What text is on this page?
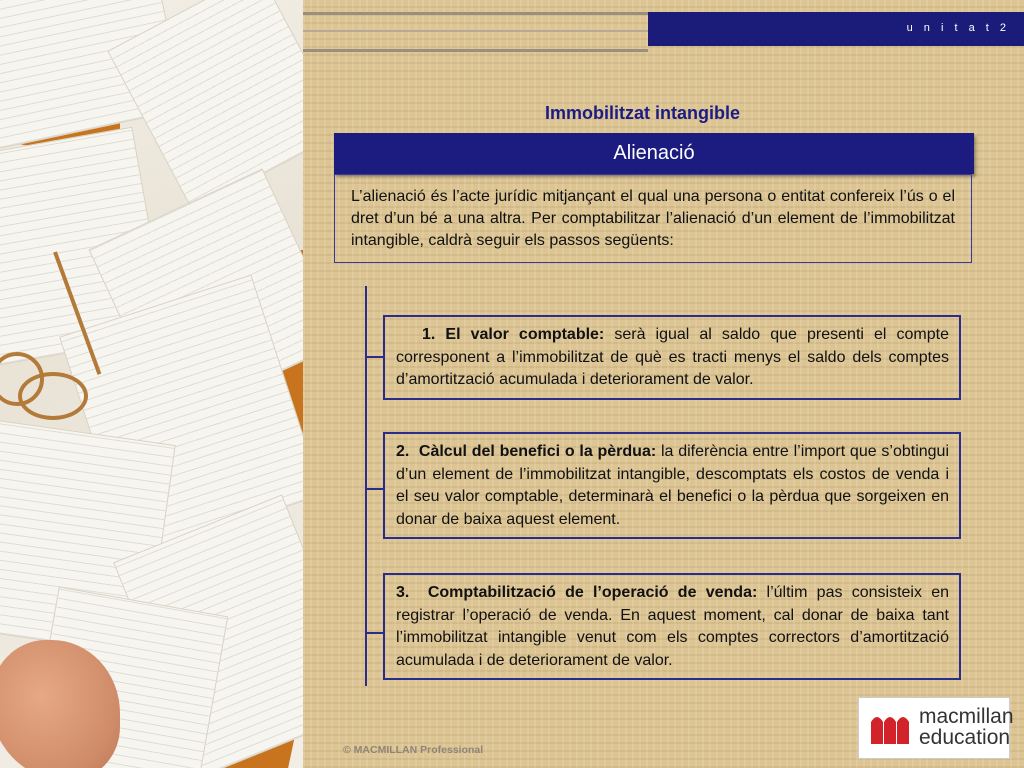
u n i t a t 2
Immobilitzat intangible
Alienació
L’alienació és l’acte jurídic mitjançant el qual una persona o entitat confereix l’ús o el dret d’un bé a una altra. Per comptabilitzar l’alienació d’un element de l’immobilitzat intangible, caldrà seguir els passos següents:
1. El valor comptable: serà igual al saldo que presenti el compte corresponent a l’immobilitzat de què es tracti menys el saldo dels comptes d’amortització acumulada i deteriorament de valor.
2. Càlcul del benefici o la pèrdua: la diferència entre l’import que s’obtingui d’un element de l’immobilitzat intangible, descomptats els costos de venda i el seu valor comptable, determinarà el benefici o la pèrdua que sorgeixen en donar de baixa aquest element.
3. Comptabilització de l’operació de venda: l’últim pas consisteix en registrar l’operació de venda. En aquest moment, cal donar de baixa tant l’immobilitzat intangible venut com els comptes correctors d’amortització acumulada i de deteriorament de valor.
© MACMILLAN Professional
macmillan
education
